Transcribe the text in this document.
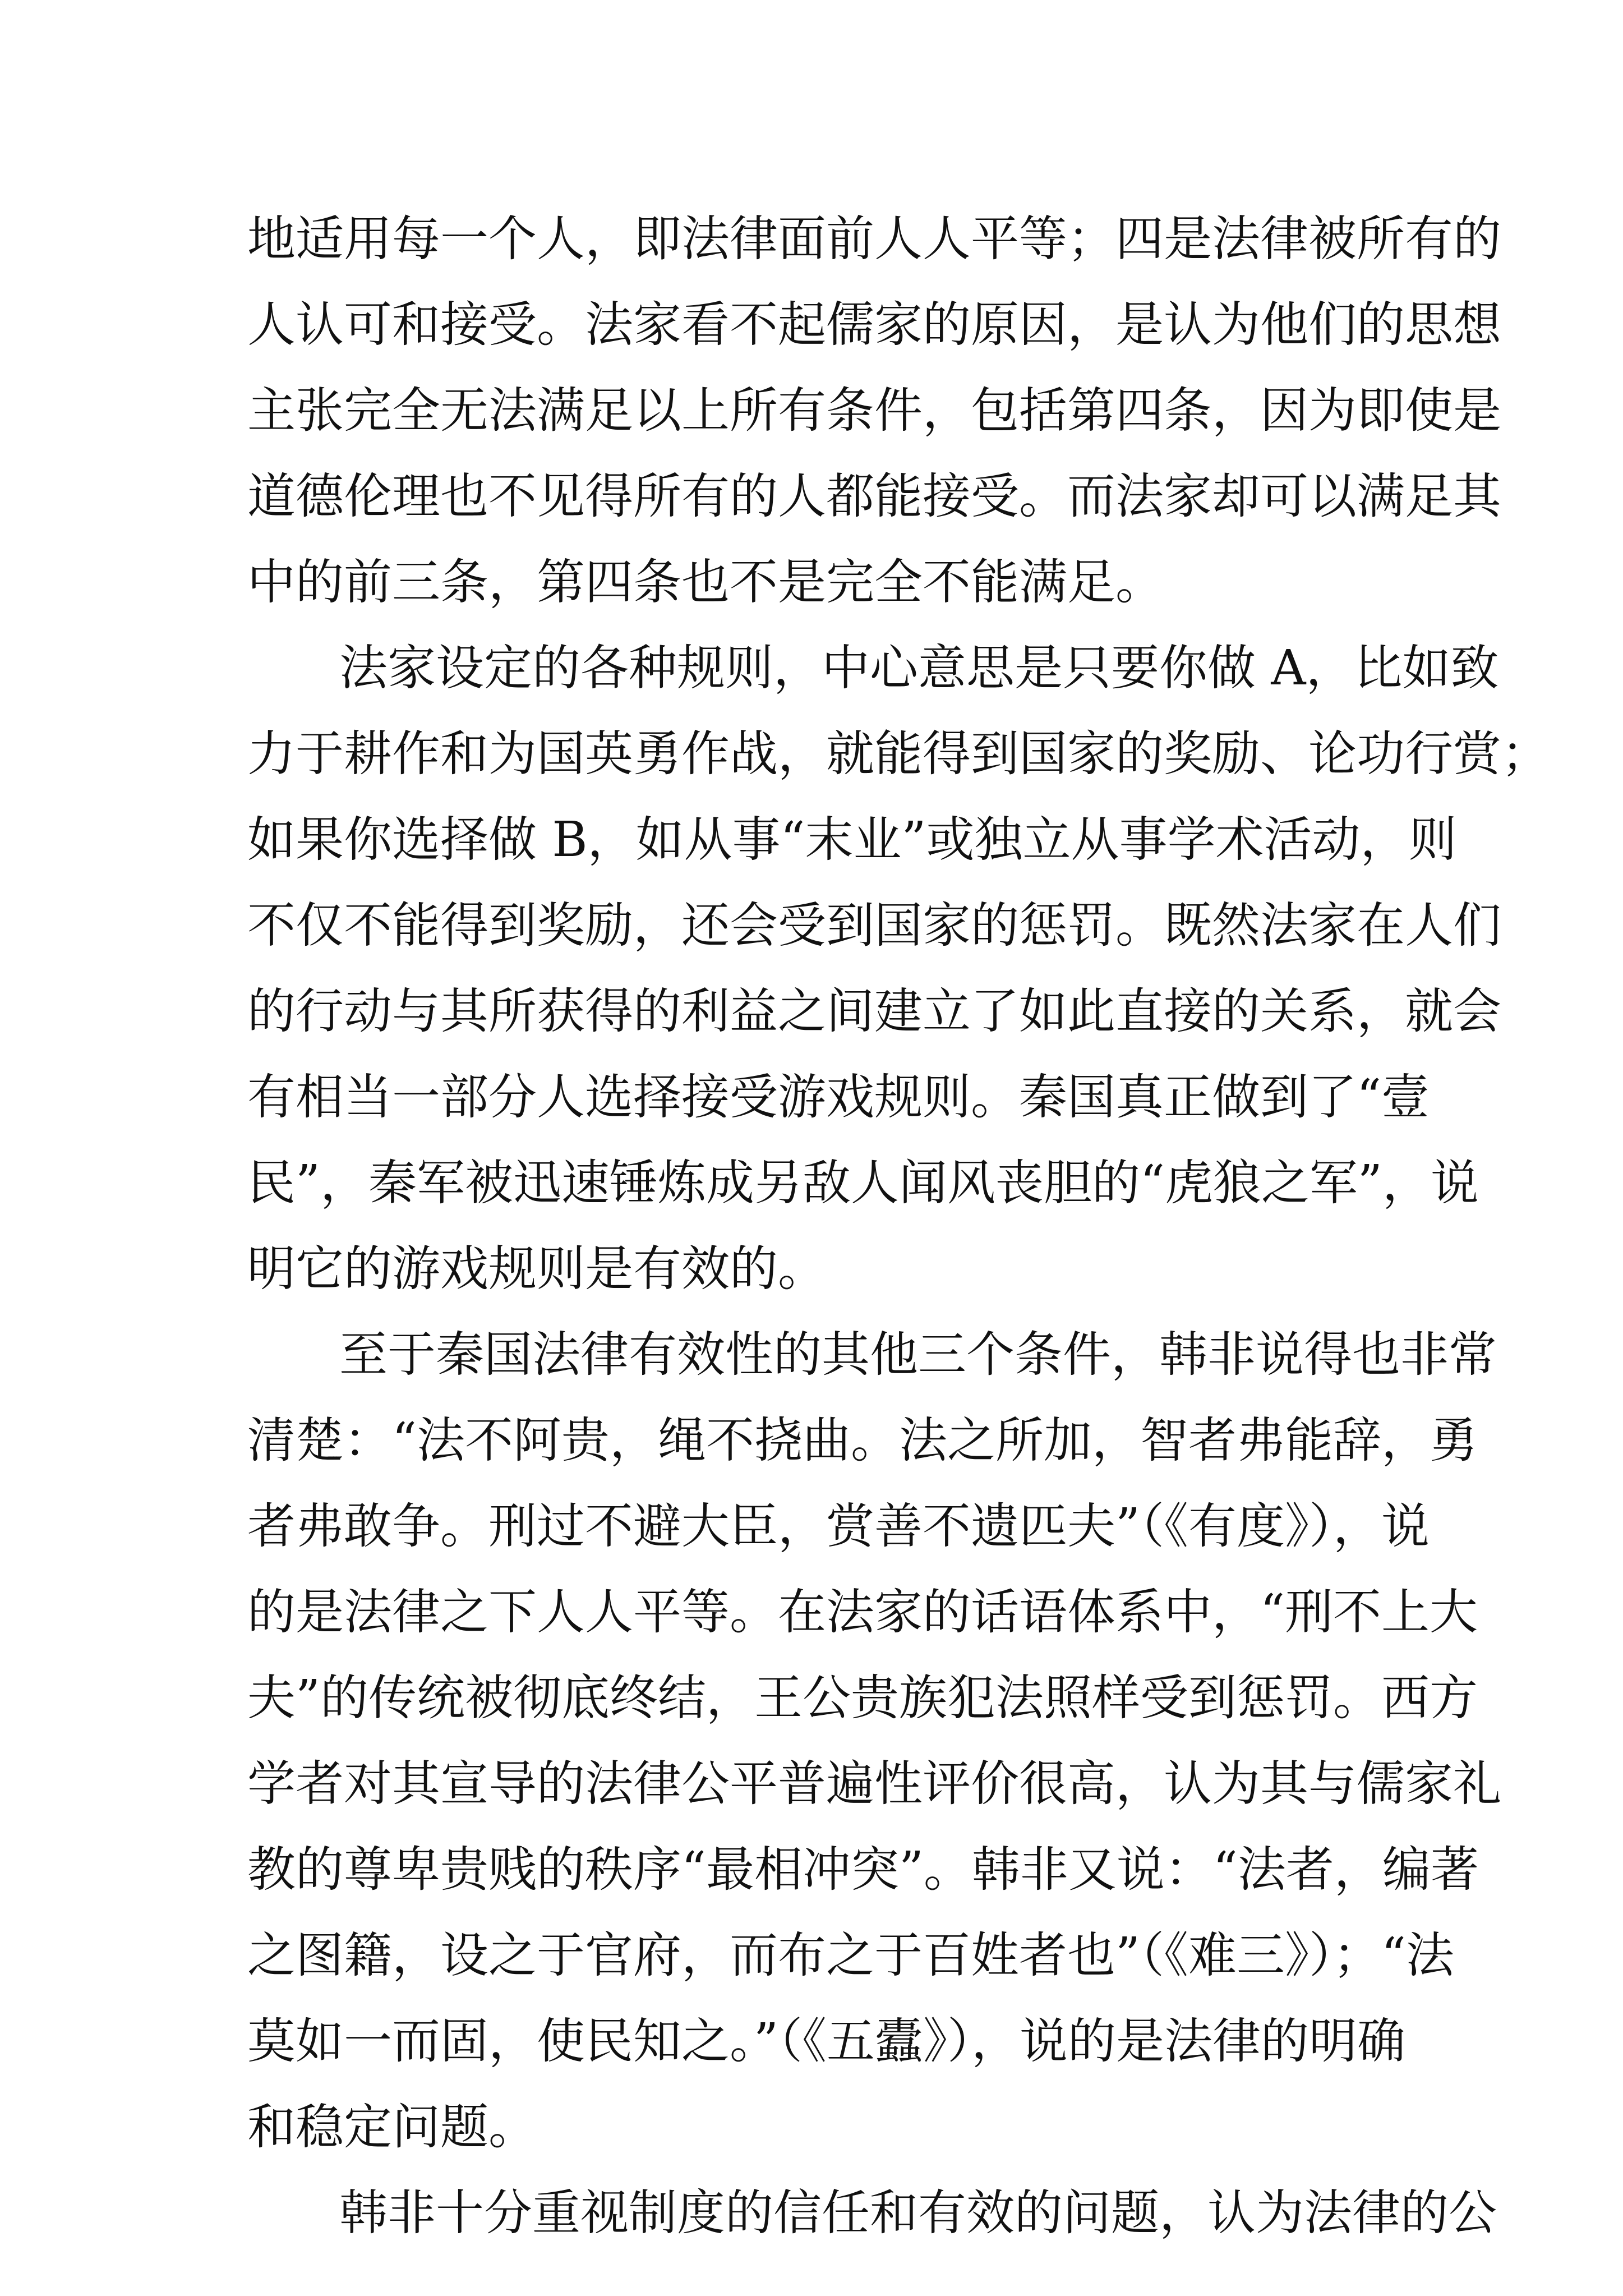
地适用每一个人，即法律面前人人平等；四是法律被所有的
人认可和接受。法家看不起儒家的原因，是认为他们的思想
主张完全无法满足以上所有条件，包括第四条，因为即使是
道德伦理也不见得所有的人都能接受。而法家却可以满足其
中的前三条，第四条也不是完全不能满足。
法家设定的各种规则，中心意思是只要你做 A，比如致
力于耕作和为国英勇作战，就能得到国家的奖励、论功行赏；
如果你选择做 B，如从事“末业”或独立从事学术活动，则
不仅不能得到奖励，还会受到国家的惩罚。既然法家在人们
的行动与其所获得的利益之间建立了如此直接的关系，就会
有相当一部分人选择接受游戏规则。秦国真正做到了“壹
民”，秦军被迅速锤炼成另敌人闻风丧胆的“虎狼之军”，说
明它的游戏规则是有效的。
至于秦国法律有效性的其他三个条件，韩非说得也非常
清楚：“法不阿贵，绳不挠曲。法之所加，智者弗能辞，勇
者弗敢争。刑过不避大臣，赏善不遗匹夫”（《有度》），说
的是法律之下人人平等。在法家的话语体系中，“刑不上大
夫”的传统被彻底终结，王公贵族犯法照样受到惩罚。西方
学者对其宣导的法律公平普遍性评价很高，认为其与儒家礼
教的尊卑贵贱的秩序“最相冲突”。韩非又说：“法者，编著
之图籍，设之于官府，而布之于百姓者也”（《难三》）；“法
莫如一而固，使民知之。”（《五蠹》），说的是法律的明确
和稳定问题。
韩非十分重视制度的信任和有效的问题，认为法律的公
